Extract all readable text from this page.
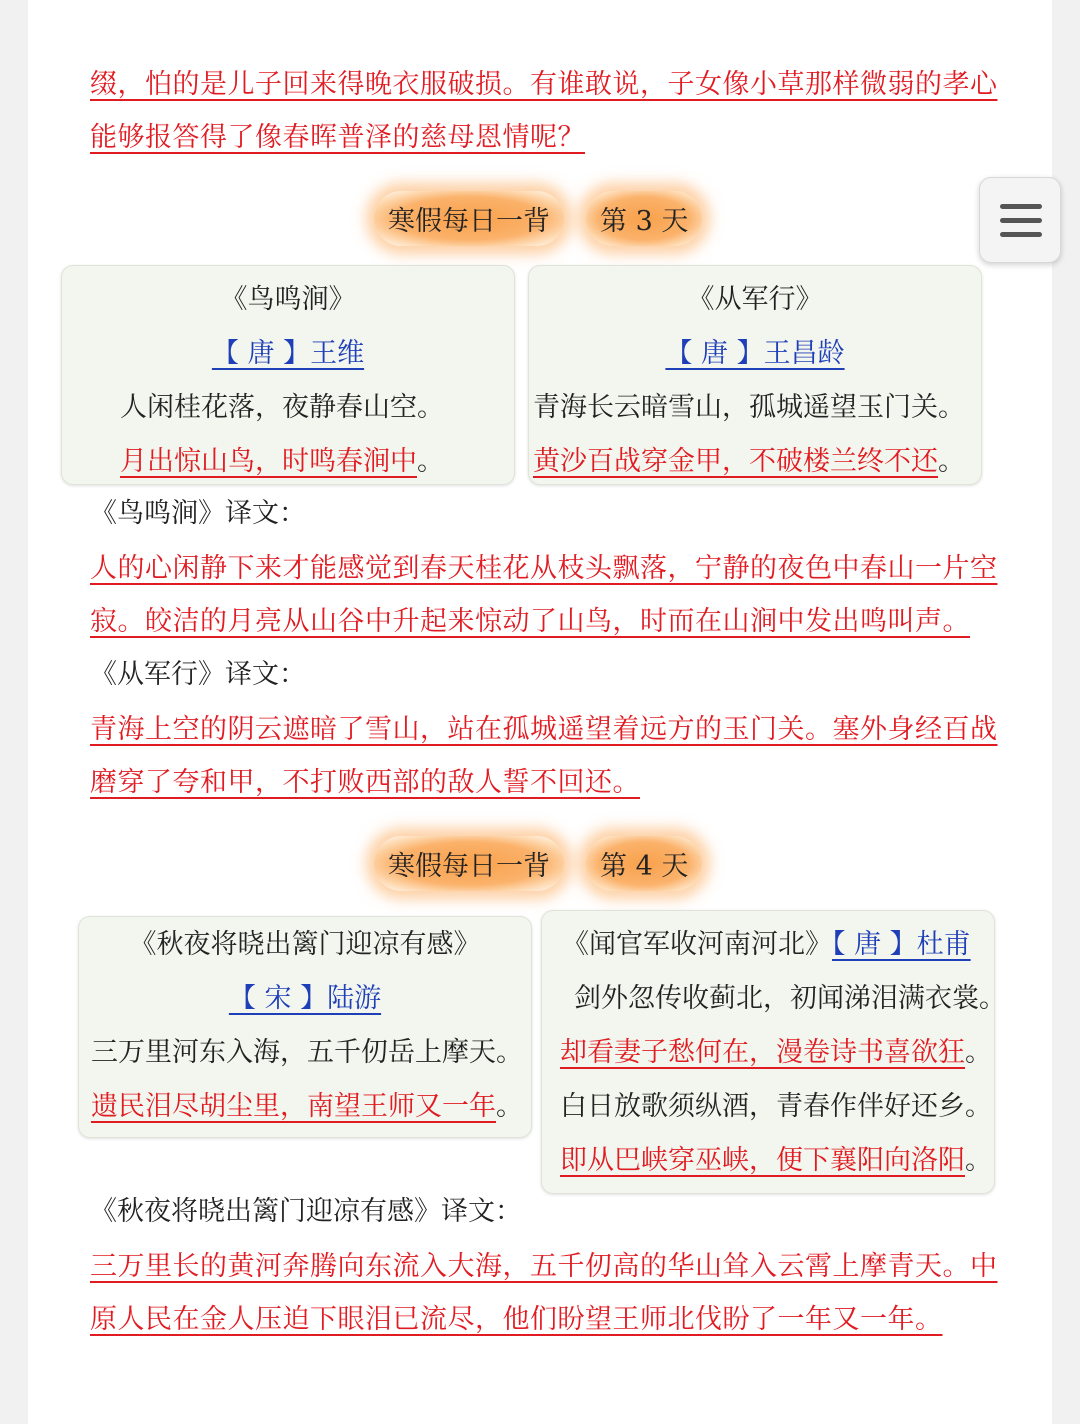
缀，怕的是儿子回来得晚衣服破损。有谁敢说，子女像小草那样微弱的孝心
能够报答得了像春晖普泽的慈母恩情呢？
寒假每日一背	第 3 天
《鸟鸣涧》
【 唐 】王维
人闲桂花落，夜静春山空。
月出惊山鸟，时鸣春涧中。
《从军行》
【 唐 】王昌龄
青海长云暗雪山，孤城遥望玉门关。
黄沙百战穿金甲，不破楼兰终不还。
《鸟鸣涧》译文：
人的心闲静下来才能感觉到春天桂花从枝头飘落，宁静的夜色中春山一片空
寂。皎洁的月亮从山谷中升起来惊动了山鸟，时而在山涧中发出鸣叫声。
《从军行》译文：
青海上空的阴云遮暗了雪山，站在孤城遥望着远方的玉门关。塞外身经百战
磨穿了夸和甲，不打败西部的敌人誓不回还。
寒假每日一背	第 4 天
《秋夜将晓出篱门迎凉有感》
【 宋 】陆游
三万里河东入海，五千仞岳上摩天。
遗民泪尽胡尘里，南望王师又一年。
《闻官军收河南河北》【 唐 】杜甫
剑外忽传收蓟北，初闻涕泪满衣裳。
却看妻子愁何在，漫卷诗书喜欲狂。
白日放歌须纵酒，青春作伴好还乡。
即从巴峡穿巫峡，便下襄阳向洛阳。
《秋夜将晓出篱门迎凉有感》译文：
三万里长的黄河奔腾向东流入大海，五千仞高的华山耸入云霄上摩青天。中
原人民在金人压迫下眼泪已流尽，他们盼望王师北伐盼了一年又一年。
